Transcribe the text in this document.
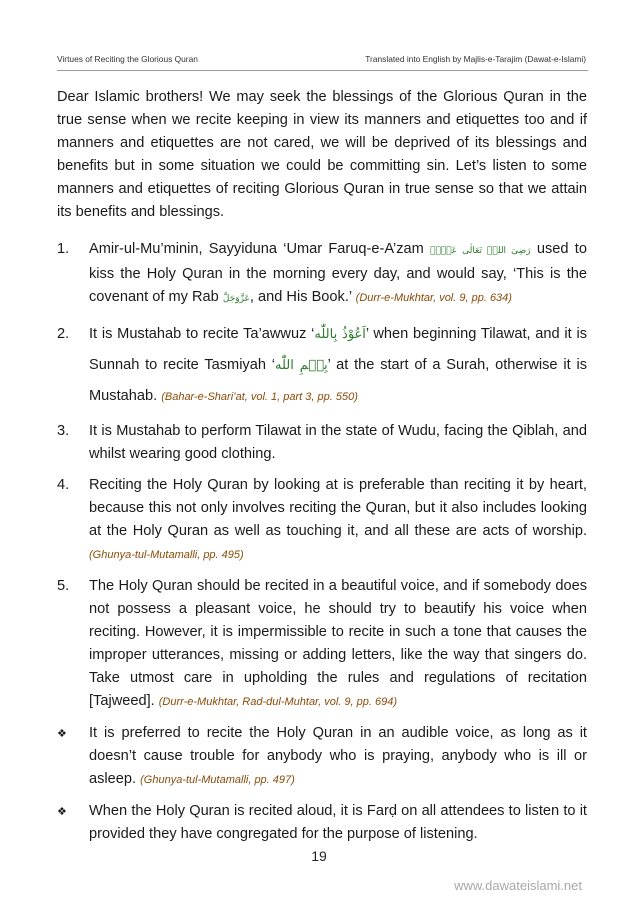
Virtues of Reciting the Glorious Quran	Translated into English by Majlis-e-Tarajim (Dawat-e-Islami)

Dear Islamic brothers! We may seek the blessings of the Glorious Quran in the true sense when we recite keeping in view its manners and etiquettes too and if manners and etiquettes are not cared, we will be deprived of its blessings and benefits but in some situation we could be committing sin. Let’s listen to some manners and etiquettes of reciting Glorious Quran in true sense so that we attain its benefits and blessings.

1.	Amir-ul-Mu’minin, Sayyiduna ‘Umar Faruq-e-A’zam رَضِیَ اللہُ تَعَالٰی عَنۡہُ used to kiss the Holy Quran in the morning every day, and would say, ‘This is the covenant of my Rab عَزَّوَجَلَّ, and His Book.’ (Durr-e-Mukhtar, vol. 9, pp. 634)
2.	It is Mustahab to recite Ta’awwuz ‘اَعُوْذُ بِاللّٰه’ when beginning Tilawat, and it is Sunnah to recite Tasmiyah ‘بِسۡمِ اللّٰه’ at the start of a Surah, otherwise it is Mustahab. (Bahar-e-Shari’at, vol. 1, part 3, pp. 550)
3.	It is Mustahab to perform Tilawat in the state of Wudu, facing the Qiblah, and whilst wearing good clothing.
4.	Reciting the Holy Quran by looking at is preferable than reciting it by heart, because this not only involves reciting the Quran, but it also includes looking at the Holy Quran as well as touching it, and all these are acts of worship. (Ghunya-tul-Mutamalli, pp. 495)
5.	The Holy Quran should be recited in a beautiful voice, and if somebody does not possess a pleasant voice, he should try to beautify his voice when reciting. However, it is impermissible to recite in such a tone that causes the improper utterances, missing or adding letters, like the way that singers do. Take utmost care in upholding the rules and regulations of recitation [Tajweed]. (Durr-e-Mukhtar, Rad-dul-Muhtar, vol. 9, pp. 694)
❖	It is preferred to recite the Holy Quran in an audible voice, as long as it doesn’t cause trouble for anybody who is praying, anybody who is ill or asleep. (Ghunya-tul-Mutamalli, pp. 497)
❖	When the Holy Quran is recited aloud, it is Farḍ on all attendees to listen to it provided they have congregated for the purpose of listening.
19
www.dawateislami.net
